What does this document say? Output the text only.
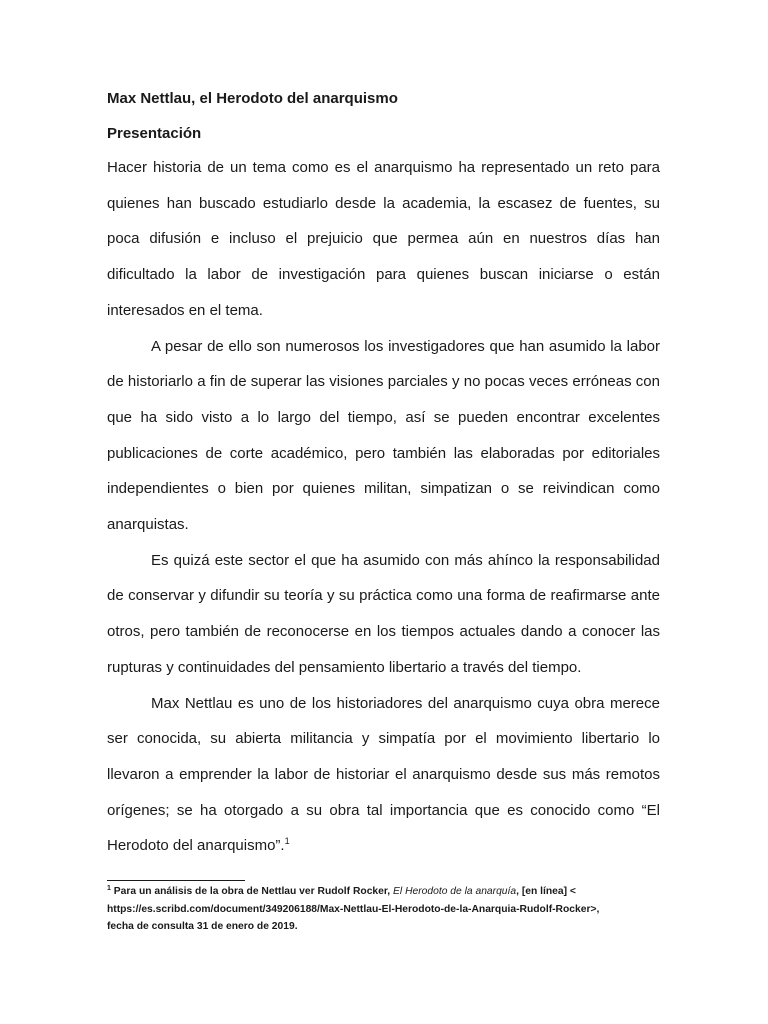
Max Nettlau, el Herodoto del anarquismo
Presentación

Hacer historia de un tema como es el anarquismo ha representado un reto para quienes han buscado estudiarlo desde la academia, la escasez de fuentes, su poca difusión e incluso el prejuicio que permea aún en nuestros días han dificultado la labor de investigación para quienes buscan iniciarse o están interesados en el tema.

A pesar de ello son numerosos los investigadores que han asumido la labor de historiarlo a fin de superar las visiones parciales y no pocas veces erróneas con que ha sido visto a lo largo del tiempo, así se pueden encontrar excelentes publicaciones de corte académico, pero también las elaboradas por editoriales independientes o bien por quienes militan, simpatizan o se reivindican como anarquistas.

Es quizá este sector el que ha asumido con más ahínco la responsabilidad de conservar y difundir su teoría y su práctica como una forma de reafirmarse ante otros, pero también de reconocerse en los tiempos actuales dando a conocer las rupturas y continuidades del pensamiento libertario a través del tiempo.

Max Nettlau es uno de los historiadores del anarquismo cuya obra merece ser conocida, su abierta militancia y simpatía por el movimiento libertario lo llevaron a emprender la labor de historiar el anarquismo desde sus más remotos orígenes; se ha otorgado a su obra tal importancia que es conocido como “El Herodoto del anarquismo”.$^1$

$^1$ Para un análisis de la obra de Nettlau ver Rudolf Rocker, El Herodoto de la anarquía, [en línea] <
https://es.scribd.com/document/349206188/Max-Nettlau-El-Herodoto-de-la-Anarquia-Rudolf-Rocker>,
fecha de consulta 31 de enero de 2019.
